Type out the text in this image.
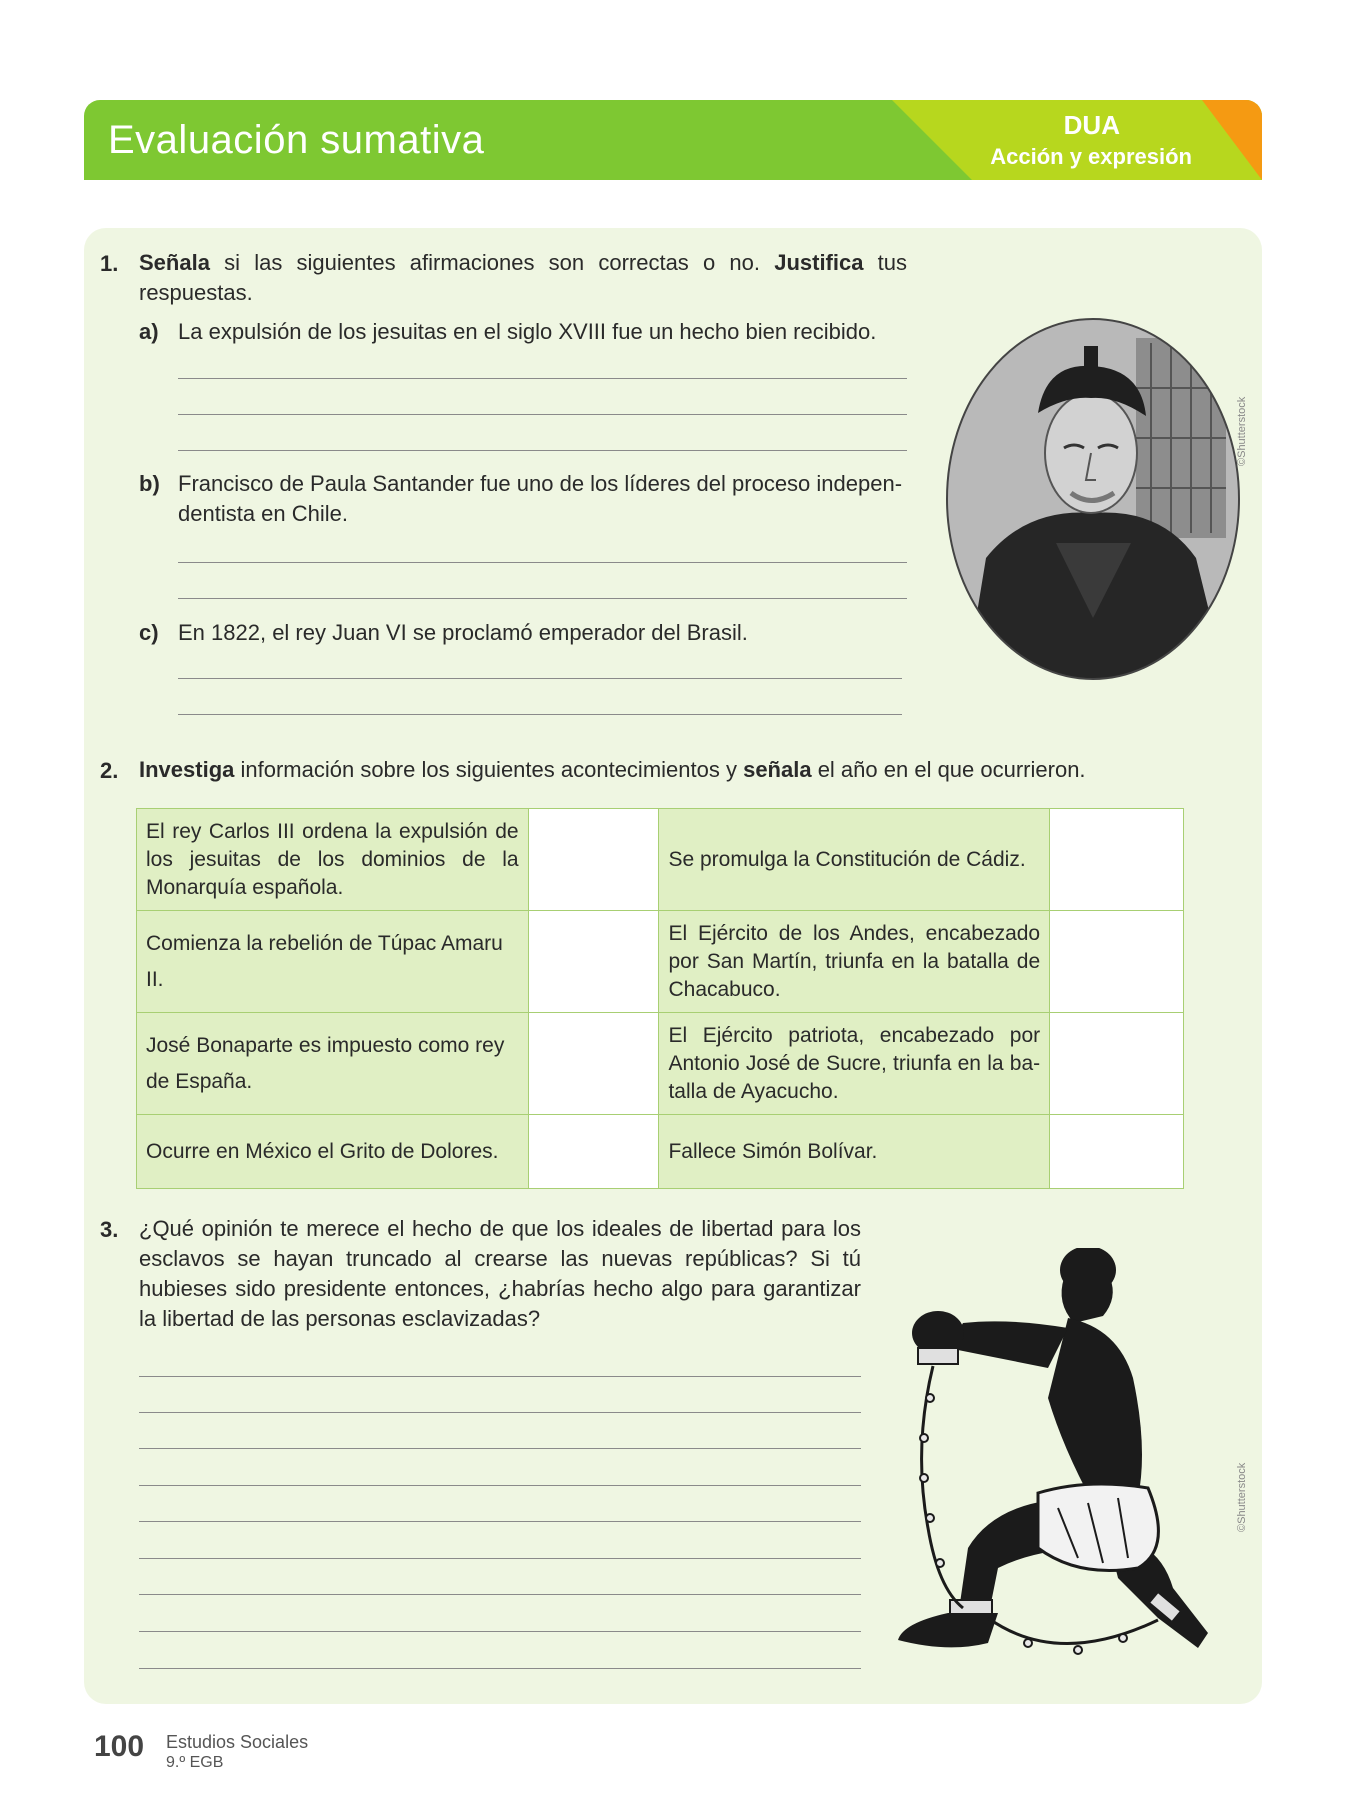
Evaluación sumativa	DUA
Acción y expresión
1. Señala si las siguientes afirmaciones son correctas o no. Justifica tus respuestas.
a) La expulsión de los jesuitas en el siglo XVIII fue un hecho bien recibido.
b) Francisco de Paula Santander fue uno de los líderes del proceso indepen-dentista en Chile.
c) En 1822, el rey Juan VI se proclamó emperador del Brasil.
©Shutterstock
2. Investiga información sobre los siguientes acontecimientos y señala el año en el que ocurrieron.
El rey Carlos III ordena la expulsión de los jesuitas de los dominios de la Monarquía española.		Se promulga la Constitución de Cádiz.	
Comienza la rebelión de Túpac Amaru II.		El Ejército de los Andes, encabezado por San Martín, triunfa en la batalla de Chacabuco.	
José Bonaparte es impuesto como rey de España.		El Ejército patriota, encabezado por Antonio José de Sucre, triunfa en la ba-talla de Ayacucho.	
Ocurre en México el Grito de Dolores.		Fallece Simón Bolívar.	
3. ¿Qué opinión te merece el hecho de que los ideales de libertad para los esclavos se hayan truncado al crearse las nuevas repúblicas? Si tú hubieses sido presidente entonces, ¿habrías hecho algo para garantizar la libertad de las personas esclavizadas?
©Shutterstock
100 Estudios Sociales
9.º EGB
